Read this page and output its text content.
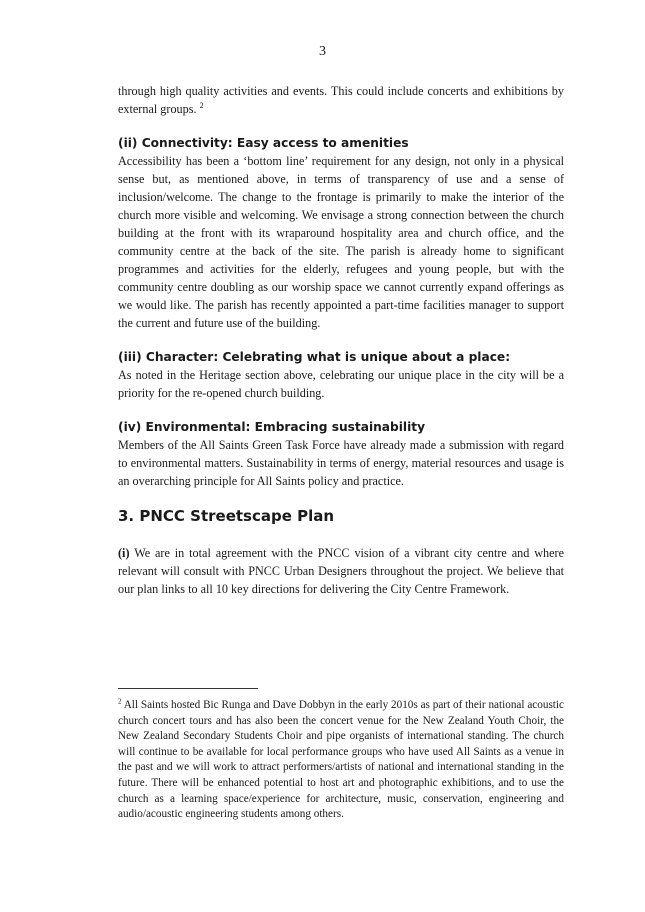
3

through high quality activities and events. This could include concerts and exhibitions by external groups. $^2$

(ii) Connectivity: Easy access to amenities

Accessibility has been a ‘bottom line’ requirement for any design, not only in a physical sense but, as mentioned above, in terms of transparency of use and a sense of inclusion/welcome. The change to the frontage is primarily to make the interior of the church more visible and welcoming. We envisage a strong connection between the church building at the front with its wraparound hospitality area and church office, and the community centre at the back of the site. The parish is already home to significant programmes and activities for the elderly, refugees and young people, but with the community centre doubling as our worship space we cannot currently expand offerings as we would like. The parish has recently appointed a part-time facilities manager to support the current and future use of the building.

(iii) Character: Celebrating what is unique about a place:

As noted in the Heritage section above, celebrating our unique place in the city will be a priority for the re-opened church building.

(iv) Environmental: Embracing sustainability

Members of the All Saints Green Task Force have already made a submission with regard to environmental matters. Sustainability in terms of energy, material resources and usage is an overarching principle for All Saints policy and practice.

3. PNCC Streetscape Plan

(i) We are in total agreement with the PNCC vision of a vibrant city centre and where relevant will consult with PNCC Urban Designers throughout the project. We believe that our plan links to all 10 key directions for delivering the City Centre Framework.

$^2$ All Saints hosted Bic Runga and Dave Dobbyn in the early 2010s as part of their national acoustic church concert tours and has also been the concert venue for the New Zealand Youth Choir, the New Zealand Secondary Students Choir and pipe organists of international standing. The church will continue to be available for local performance groups who have used All Saints as a venue in the past and we will work to attract performers/artists of national and international standing in the future. There will be enhanced potential to host art and photographic exhibitions, and to use the church as a learning space/experience for architecture, music, conservation, engineering and audio/acoustic engineering students among others.
